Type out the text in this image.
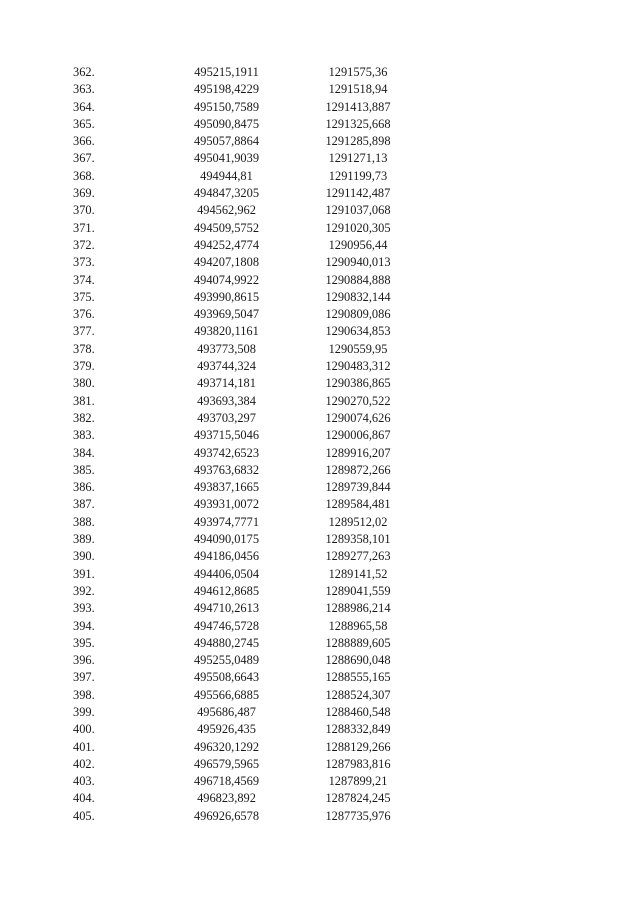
362.	495215,1911	1291575,36
363.	495198,4229	1291518,94
364.	495150,7589	1291413,887
365.	495090,8475	1291325,668
366.	495057,8864	1291285,898
367.	495041,9039	1291271,13
368.	494944,81	1291199,73
369.	494847,3205	1291142,487
370.	494562,962	1291037,068
371.	494509,5752	1291020,305
372.	494252,4774	1290956,44
373.	494207,1808	1290940,013
374.	494074,9922	1290884,888
375.	493990,8615	1290832,144
376.	493969,5047	1290809,086
377.	493820,1161	1290634,853
378.	493773,508	1290559,95
379.	493744,324	1290483,312
380.	493714,181	1290386,865
381.	493693,384	1290270,522
382.	493703,297	1290074,626
383.	493715,5046	1290006,867
384.	493742,6523	1289916,207
385.	493763,6832	1289872,266
386.	493837,1665	1289739,844
387.	493931,0072	1289584,481
388.	493974,7771	1289512,02
389.	494090,0175	1289358,101
390.	494186,0456	1289277,263
391.	494406,0504	1289141,52
392.	494612,8685	1289041,559
393.	494710,2613	1288986,214
394.	494746,5728	1288965,58
395.	494880,2745	1288889,605
396.	495255,0489	1288690,048
397.	495508,6643	1288555,165
398.	495566,6885	1288524,307
399.	495686,487	1288460,548
400.	495926,435	1288332,849
401.	496320,1292	1288129,266
402.	496579,5965	1287983,816
403.	496718,4569	1287899,21
404.	496823,892	1287824,245
405.	496926,6578	1287735,976
